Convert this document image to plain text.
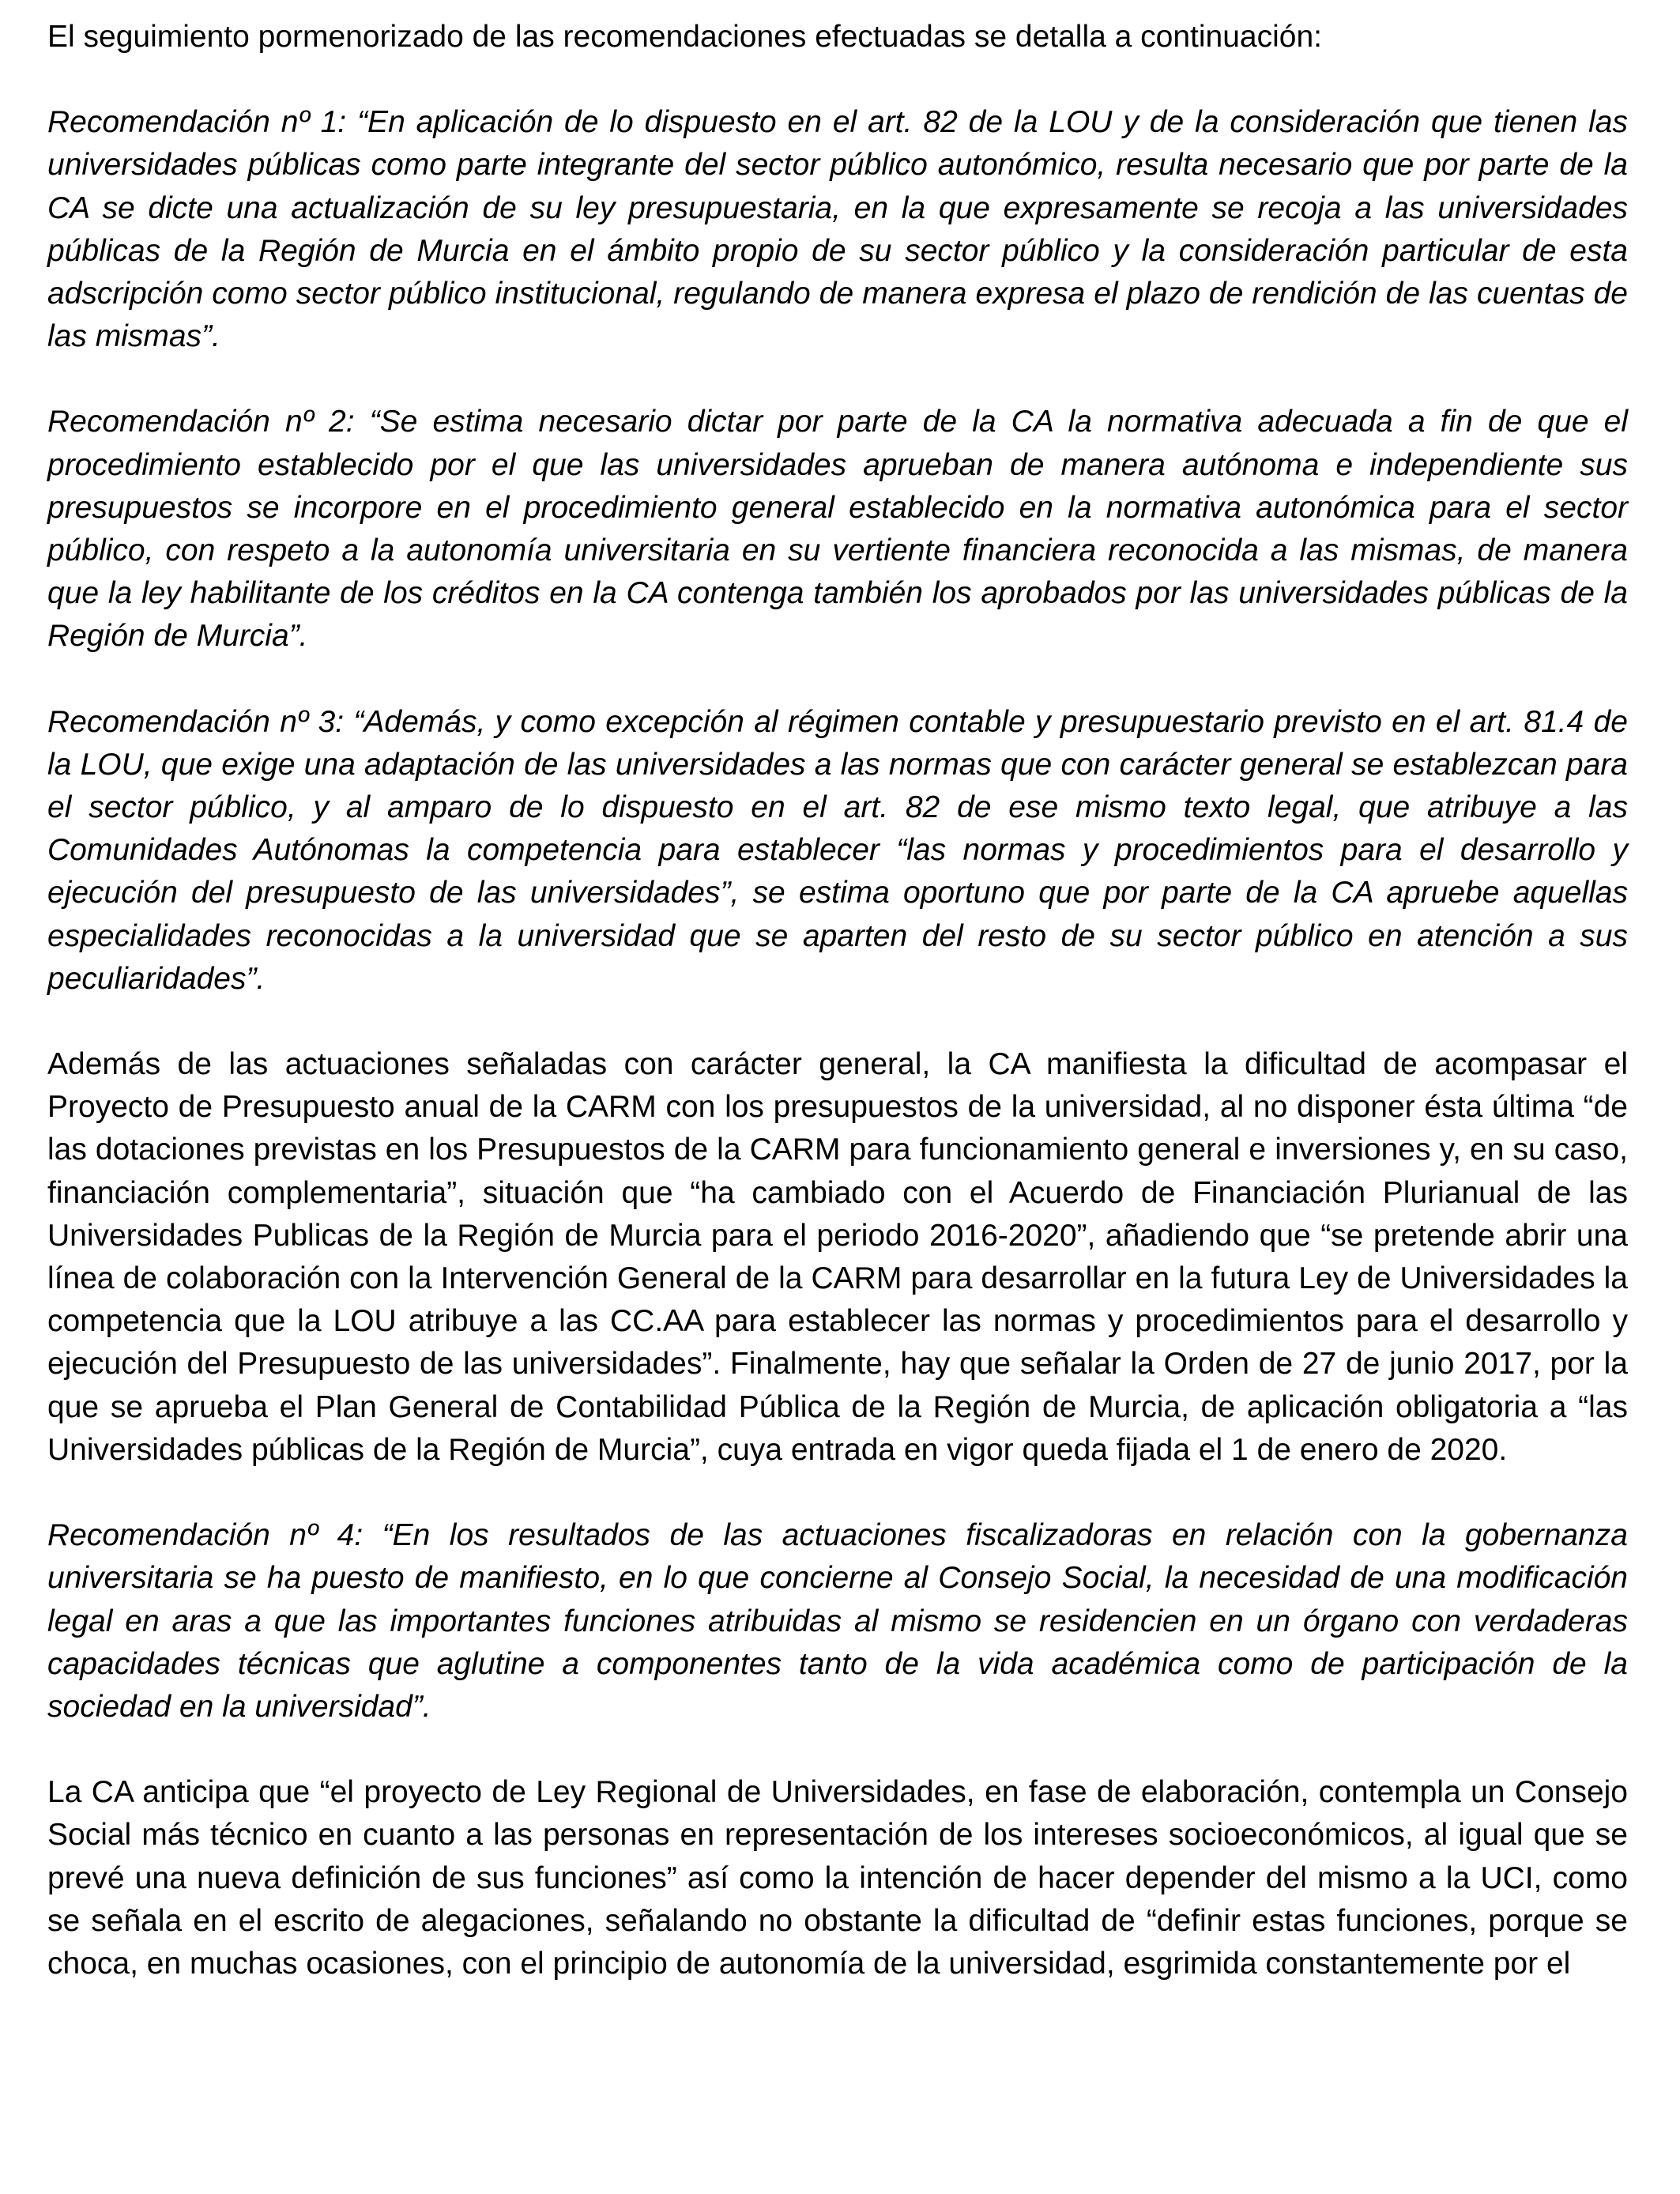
El seguimiento pormenorizado de las recomendaciones efectuadas se detalla a continuación:

Recomendación nº 1: “En aplicación de lo dispuesto en el art. 82 de la LOU y de la consideración que tienen las universidades públicas como parte integrante del sector público autonómico, resulta necesario que por parte de la CA se dicte una actualización de su ley presupuestaria, en la que expresamente se recoja a las universidades públicas de la Región de Murcia en el ámbito propio de su sector público y la consideración particular de esta adscripción como sector público institucional, regulando de manera expresa el plazo de rendición de las cuentas de las mismas”.

Recomendación nº 2: “Se estima necesario dictar por parte de la CA la normativa adecuada a fin de que el procedimiento establecido por el que las universidades aprueban de manera autónoma e independiente sus presupuestos se incorpore en el procedimiento general establecido en la normativa autonómica para el sector público, con respeto a la autonomía universitaria en su vertiente financiera reconocida a las mismas, de manera que la ley habilitante de los créditos en la CA contenga también los aprobados por las universidades públicas de la Región de Murcia”.

Recomendación nº 3: “Además, y como excepción al régimen contable y presupuestario previsto en el art. 81.4 de la LOU, que exige una adaptación de las universidades a las normas que con carácter general se establezcan para el sector público, y al amparo de lo dispuesto en el art. 82 de ese mismo texto legal, que atribuye a las Comunidades Autónomas la competencia para establecer “las normas y procedimientos para el desarrollo y ejecución del presupuesto de las universidades”, se estima oportuno que por parte de la CA apruebe aquellas especialidades reconocidas a la universidad que se aparten del resto de su sector público en atención a sus peculiaridades”.

Además de las actuaciones señaladas con carácter general, la CA manifiesta la dificultad de acompasar el Proyecto de Presupuesto anual de la CARM con los presupuestos de la universidad, al no disponer ésta última “de las dotaciones previstas en los Presupuestos de la CARM para funcionamiento general e inversiones y, en su caso, financiación complementaria”, situación que “ha cambiado con el Acuerdo de Financiación Plurianual de las Universidades Publicas de la Región de Murcia para el periodo 2016-2020”, añadiendo que “se pretende abrir una línea de colaboración con la Intervención General de la CARM para desarrollar en la futura Ley de Universidades la competencia que la LOU atribuye a las CC.AA para establecer las normas y procedimientos para el desarrollo y ejecución del Presupuesto de las universidades”. Finalmente, hay que señalar la Orden de 27 de junio 2017, por la que se aprueba el Plan General de Contabilidad Pública de la Región de Murcia, de aplicación obligatoria a “las Universidades públicas de la Región de Murcia”, cuya entrada en vigor queda fijada el 1 de enero de 2020.

Recomendación nº 4: “En los resultados de las actuaciones fiscalizadoras en relación con la gobernanza universitaria se ha puesto de manifiesto, en lo que concierne al Consejo Social, la necesidad de una modificación legal en aras a que las importantes funciones atribuidas al mismo se residencien en un órgano con verdaderas capacidades técnicas que aglutine a componentes tanto de la vida académica como de participación de la sociedad en la universidad”.

La CA anticipa que “el proyecto de Ley Regional de Universidades, en fase de elaboración, contempla un Consejo Social más técnico en cuanto a las personas en representación de los intereses socioeconómicos, al igual que se prevé una nueva definición de sus funciones” así como la intención de hacer depender del mismo a la UCI, como se señala en el escrito de alegaciones, señalando no obstante la dificultad de “definir estas funciones, porque se choca, en muchas ocasiones, con el principio de autonomía de la universidad, esgrimida constantemente por el
